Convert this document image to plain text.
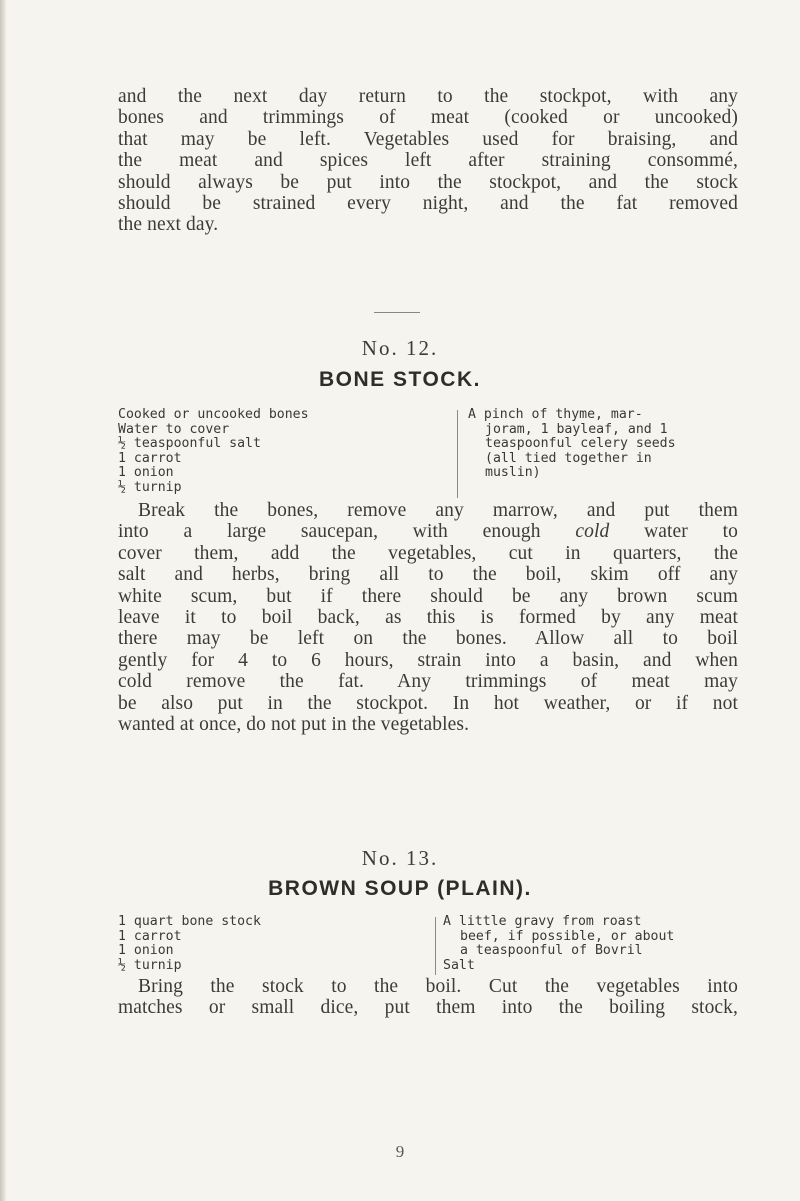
and the next day return to the stockpot, with any
bones and trimmings of meat (cooked or uncooked)
that may be left. Vegetables used for braising, and
the meat and spices left after straining consommé,
should always be put into the stockpot, and the stock
should be strained every night, and the fat removed
the next day.
No. 12.
BONE STOCK.
Cooked or uncooked bones
Water to cover
½ teaspoonful salt
1 carrot
1 onion
½ turnip
A pinch of thyme, mar-
joram, 1 bayleaf, and 1
teaspoonful celery seeds
(all tied together in
muslin)
Break the bones, remove any marrow, and put them
into a large saucepan, with enough cold water to
cover them, add the vegetables, cut in quarters, the
salt and herbs, bring all to the boil, skim off any
white scum, but if there should be any brown scum
leave it to boil back, as this is formed by any meat
there may be left on the bones. Allow all to boil
gently for 4 to 6 hours, strain into a basin, and when
cold remove the fat. Any trimmings of meat may
be also put in the stockpot. In hot weather, or if not
wanted at once, do not put in the vegetables.
No. 13.
BROWN SOUP (PLAIN).
1 quart bone stock
1 carrot
1 onion
½ turnip
A little gravy from roast
beef, if possible, or about
a teaspoonful of Bovril
Salt
Bring the stock to the boil. Cut the vegetables into
matches or small dice, put them into the boiling stock,
9
